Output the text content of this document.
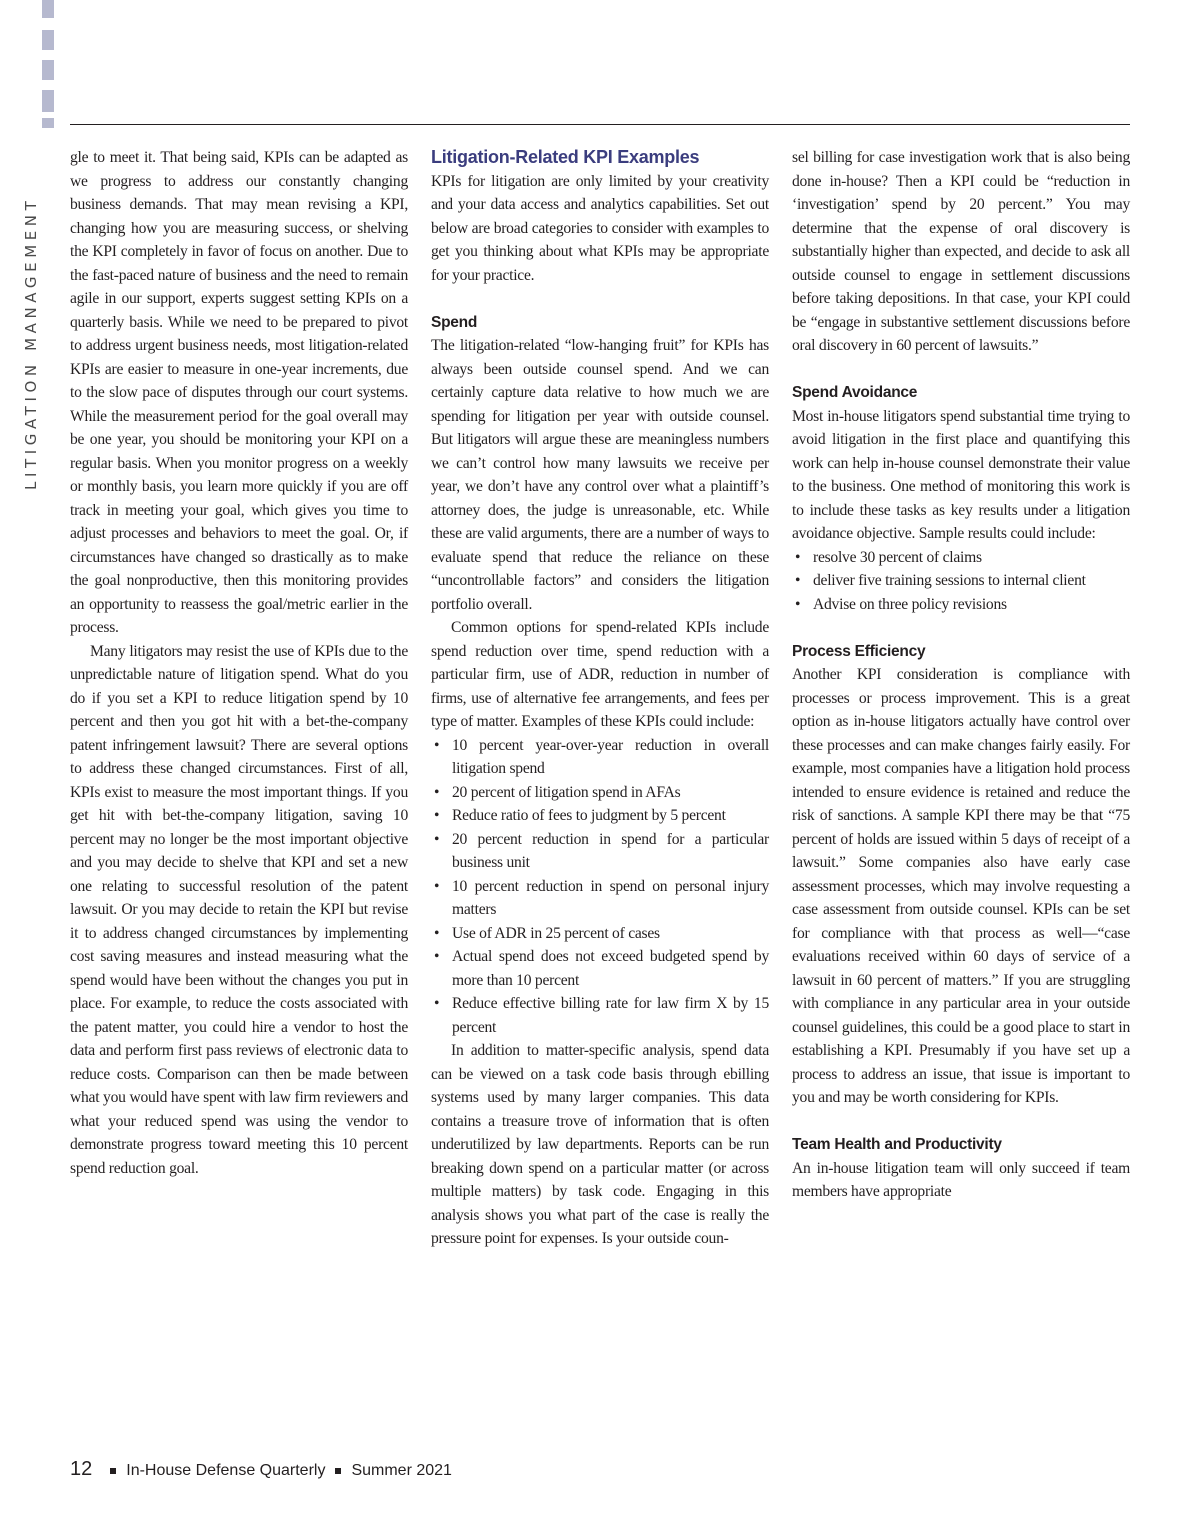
LITIGATION MANAGEMENT

gle to meet it. That being said, KPIs can be adapted as we progress to address our constantly changing business demands. That may mean revising a KPI, changing how you are measuring success, or shelving the KPI completely in favor of focus on another. Due to the fast-paced nature of business and the need to remain agile in our support, experts suggest setting KPIs on a quarterly basis. While we need to be prepared to pivot to address urgent business needs, most litigation-related KPIs are easier to measure in one-year increments, due to the slow pace of disputes through our court systems. While the measurement period for the goal overall may be one year, you should be monitoring your KPI on a regular basis. When you monitor progress on a weekly or monthly basis, you learn more quickly if you are off track in meeting your goal, which gives you time to adjust processes and behaviors to meet the goal. Or, if circumstances have changed so drastically as to make the goal nonproductive, then this monitoring provides an opportunity to reassess the goal/metric earlier in the process.

Many litigators may resist the use of KPIs due to the unpredictable nature of litigation spend. What do you do if you set a KPI to reduce litigation spend by 10 percent and then you got hit with a bet-the-company patent infringement lawsuit? There are several options to address these changed circumstances. First of all, KPIs exist to measure the most important things. If you get hit with bet-the-company litigation, saving 10 percent may no longer be the most important objective and you may decide to shelve that KPI and set a new one relating to successful resolution of the patent lawsuit. Or you may decide to retain the KPI but revise it to address changed circumstances by implementing cost saving measures and instead measuring what the spend would have been without the changes you put in place. For example, to reduce the costs associated with the patent matter, you could hire a vendor to host the data and perform first pass reviews of electronic data to reduce costs. Comparison can then be made between what you would have spent with law firm reviewers and what your reduced spend was using the vendor to demonstrate progress toward meeting this 10 percent spend reduction goal.

Litigation-Related KPI Examples

KPIs for litigation are only limited by your creativity and your data access and analytics capabilities. Set out below are broad categories to consider with examples to get you thinking about what KPIs may be appropriate for your practice.

Spend

The litigation-related “low-hanging fruit” for KPIs has always been outside counsel spend. And we can certainly capture data relative to how much we are spending for litigation per year with outside counsel. But litigators will argue these are meaningless numbers we can’t control how many lawsuits we receive per year, we don’t have any control over what a plaintiff’s attorney does, the judge is unreasonable, etc. While these are valid arguments, there are a number of ways to evaluate spend that reduce the reliance on these “uncontrollable factors” and considers the litigation portfolio overall.

Common options for spend-related KPIs include spend reduction over time, spend reduction with a particular firm, use of ADR, reduction in number of firms, use of alternative fee arrangements, and fees per type of matter. Examples of these KPIs could include:

• 10 percent year-over-year reduction in overall litigation spend
• 20 percent of litigation spend in AFAs
• Reduce ratio of fees to judgment by 5 percent
• 20 percent reduction in spend for a particular business unit
• 10 percent reduction in spend on personal injury matters
• Use of ADR in 25 percent of cases
• Actual spend does not exceed budgeted spend by more than 10 percent
• Reduce effective billing rate for law firm X by 15 percent

In addition to matter-specific analysis, spend data can be viewed on a task code basis through ebilling systems used by many larger companies. This data contains a treasure trove of information that is often underutilized by law departments. Reports can be run breaking down spend on a particular matter (or across multiple matters) by task code. Engaging in this analysis shows you what part of the case is really the pressure point for expenses. Is your outside coun-

sel billing for case investigation work that is also being done in-house? Then a KPI could be “reduction in ‘investigation’ spend by 20 percent.” You may determine that the expense of oral discovery is substantially higher than expected, and decide to ask all outside counsel to engage in settlement discussions before taking depositions. In that case, your KPI could be “engage in substantive settlement discussions before oral discovery in 60 percent of lawsuits.”

Spend Avoidance

Most in-house litigators spend substantial time trying to avoid litigation in the first place and quantifying this work can help in-house counsel demonstrate their value to the business. One method of monitoring this work is to include these tasks as key results under a litigation avoidance objective. Sample results could include:

• resolve 30 percent of claims
• deliver five training sessions to internal client
• Advise on three policy revisions
Process Efficiency

Another KPI consideration is compliance with processes or process improvement. This is a great option as in-house litigators actually have control over these processes and can make changes fairly easily. For example, most companies have a litigation hold process intended to ensure evidence is retained and reduce the risk of sanctions. A sample KPI there may be that “75 percent of holds are issued within 5 days of receipt of a lawsuit.” Some companies also have early case assessment processes, which may involve requesting a case assessment from outside counsel. KPIs can be set for compliance with that process as well—“case evaluations received within 60 days of service of a lawsuit in 60 percent of matters.” If you are struggling with compliance in any particular area in your outside counsel guidelines, this could be a good place to start in establishing a KPI. Presumably if you have set up a process to address an issue, that issue is important to you and may be worth considering for KPIs.

Team Health and Productivity

An in-house litigation team will only succeed if team members have appropriate

12 In-House Defense Quarterly Summer 2021
